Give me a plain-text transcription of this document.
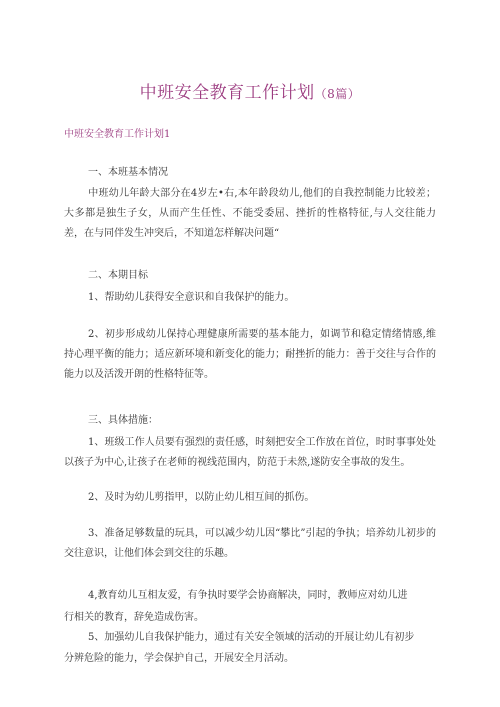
中班安全教育工作计划（8篇）
中班安全教育工作计划1
一、本班基本情况
中班幼儿年龄大部分在4岁左•右,本年龄段幼儿,他们的自我控制能力比较差；大多都是独生子女，从而产生任性、不能受委屈、挫折的性格特征,与人交往能力差，在与同伴发生冲突后，不知道怎样解决问题“
二、本期目标
1、帮助幼儿获得安全意识和自我保护的能力。
2、初步形成幼儿保持心理健康所需要的基本能力，如调节和稳定情绪情感,维持心理平衡的能力；适应新环境和新变化的能力；耐挫折的能力：善于交往与合作的能力以及活泼开朗的性格特征等。
三、具体措施：
1、班级工作人员要有强烈的责任感，时刻把安全工作放在首位，时时事事处处以孩子为中心,让孩子在老师的视线范围内，防范于未然,遂防安全事故的发生。
2、及时为幼儿剪指甲，以防止幼儿相互间的抓伤。
3、准备足够数量的玩具，可以减少幼儿因“攀比”引起的争执；培养幼儿初步的交往意识，让他们体会到交往的乐趣。
4,教育幼儿互相友爱，有争执时要学会协商解决，同时，教师应对幼儿进
行相关的教育，辞免造成伤害。
5、加强幼儿自我保护能力，通过有关安全领域的活动的开展让幼儿有初步
分辨危险的能力，学会保护自己，开展安全月活动。
